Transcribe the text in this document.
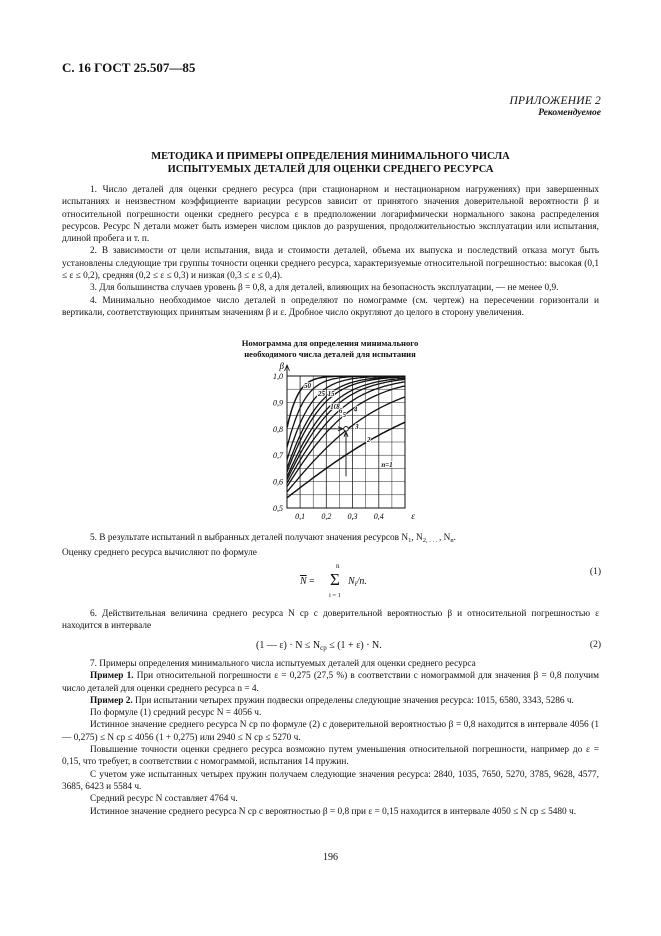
С. 16 ГОСТ 25.507—85
ПРИЛОЖЕНИЕ 2
Рекомендуемое
МЕТОДИКА И ПРИМЕРЫ ОПРЕДЕЛЕНИЯ МИНИМАЛЬНОГО ЧИСЛА
ИСПЫТУЕМЫХ ДЕТАЛЕЙ ДЛЯ ОЦЕНКИ СРЕДНЕГО РЕСУРСА

1. Число деталей для оценки среднего ресурса (при стационарном и нестационарном нагружениях) при завершенных испытаниях и неизвестном коэффициенте вариации ресурсов зависит от принятого значения доверительной вероятности β и относительной погрешности оценки среднего ресурса ε в предположении логарифмически нормального закона распределения ресурсов. Ресурс N детали может быть измерен числом циклов до разрушения, продолжительностью эксплуатации или испытания, длиной пробега и т. п.

2. В зависимости от цели испытания, вида и стоимости деталей, объема их выпуска и последствий отказа могут быть установлены следующие три группы точности оценки среднего ресурса, характеризуемые относительной погрешностью: высокая (0,1 ≤ ε ≤ 0,2), средняя (0,2 ≤ ε ≤ 0,3) и низкая (0,3 ≤ ε ≤ 0,4).

3. Для большинства случаев уровень β = 0,8, а для деталей, влияющих на безопасность эксплуатации, — не менее 0,9.

4. Минимально необходимое число деталей n определяют по номограмме (см. чертеж) на пересечении горизонтали и вертикали, соответствующих принятым значениям β и ε. Дробное число округляют до целого в сторону увеличения.

Номограмма для определения минимального
необходимого числа деталей для испытания
0,5
0,6
0,7
0,8
0,9
1,0
0,1 0,2 0,3 0,4
β
ε
50
25 15
10 8 6 5
4
3
2
n=1

5. В результате испытаний n выбранных деталей получают значения ресурсов $N_1$, $N_{2, . . .}$ , $N_n$.

Оценку среднего ресурса вычисляют по формуле

n
$\overline{N} = \Sigma$
i = 1
$N_i/n$.
(1)

6. Действительная величина среднего ресурса N ср с доверительной вероятностью β и относительной погрешностью ε находится в интервале

(1 — $\varepsilon) \cdot N \le N_{ср} \le (1 + \varepsilon) \cdot N$.	(2)

7. Примеры определения минимального числа испытуемых деталей для оценки среднего ресурса

Пример 1. При относительной погрешности ε = 0,275 (27,5 %) в соответствии с номограммой для значения β = 0,8 получим число деталей для оценки среднего ресурса n = 4.

Пример 2. При испытании четырех пружин подвески определены следующие значения ресурса: 1015, 6580, 3343, 5286 ч.

По формуле (1) средний ресурс N = 4056 ч.

Истинное значение среднего ресурса N ср по формуле (2) с доверительной вероятностью β = 0,8 находится в интервале 4056 (1 — 0,275) ≤ N ср ≤ 4056 (1 + 0,275) или 2940 ≤ N ср ≤ 5270 ч.

Повышение точности оценки среднего ресурса возможно путем уменьшения относительной погрешности, например до ε = 0,15, что требует, в соответствии с номограммой, испытания 14 пружин.

С учетом уже испытанных четырех пружин получаем следующие значения ресурса: 2840, 1035, 7650, 5270, 3785, 9628, 4577, 3685, 6423 и 5584 ч.

Средний ресурс N составляет 4764 ч.

Истинное значение среднего ресурса N ср с вероятностью β = 0,8 при ε = 0,15 находится в интервале 4050 ≤ N ср ≤ 5480 ч.

196
